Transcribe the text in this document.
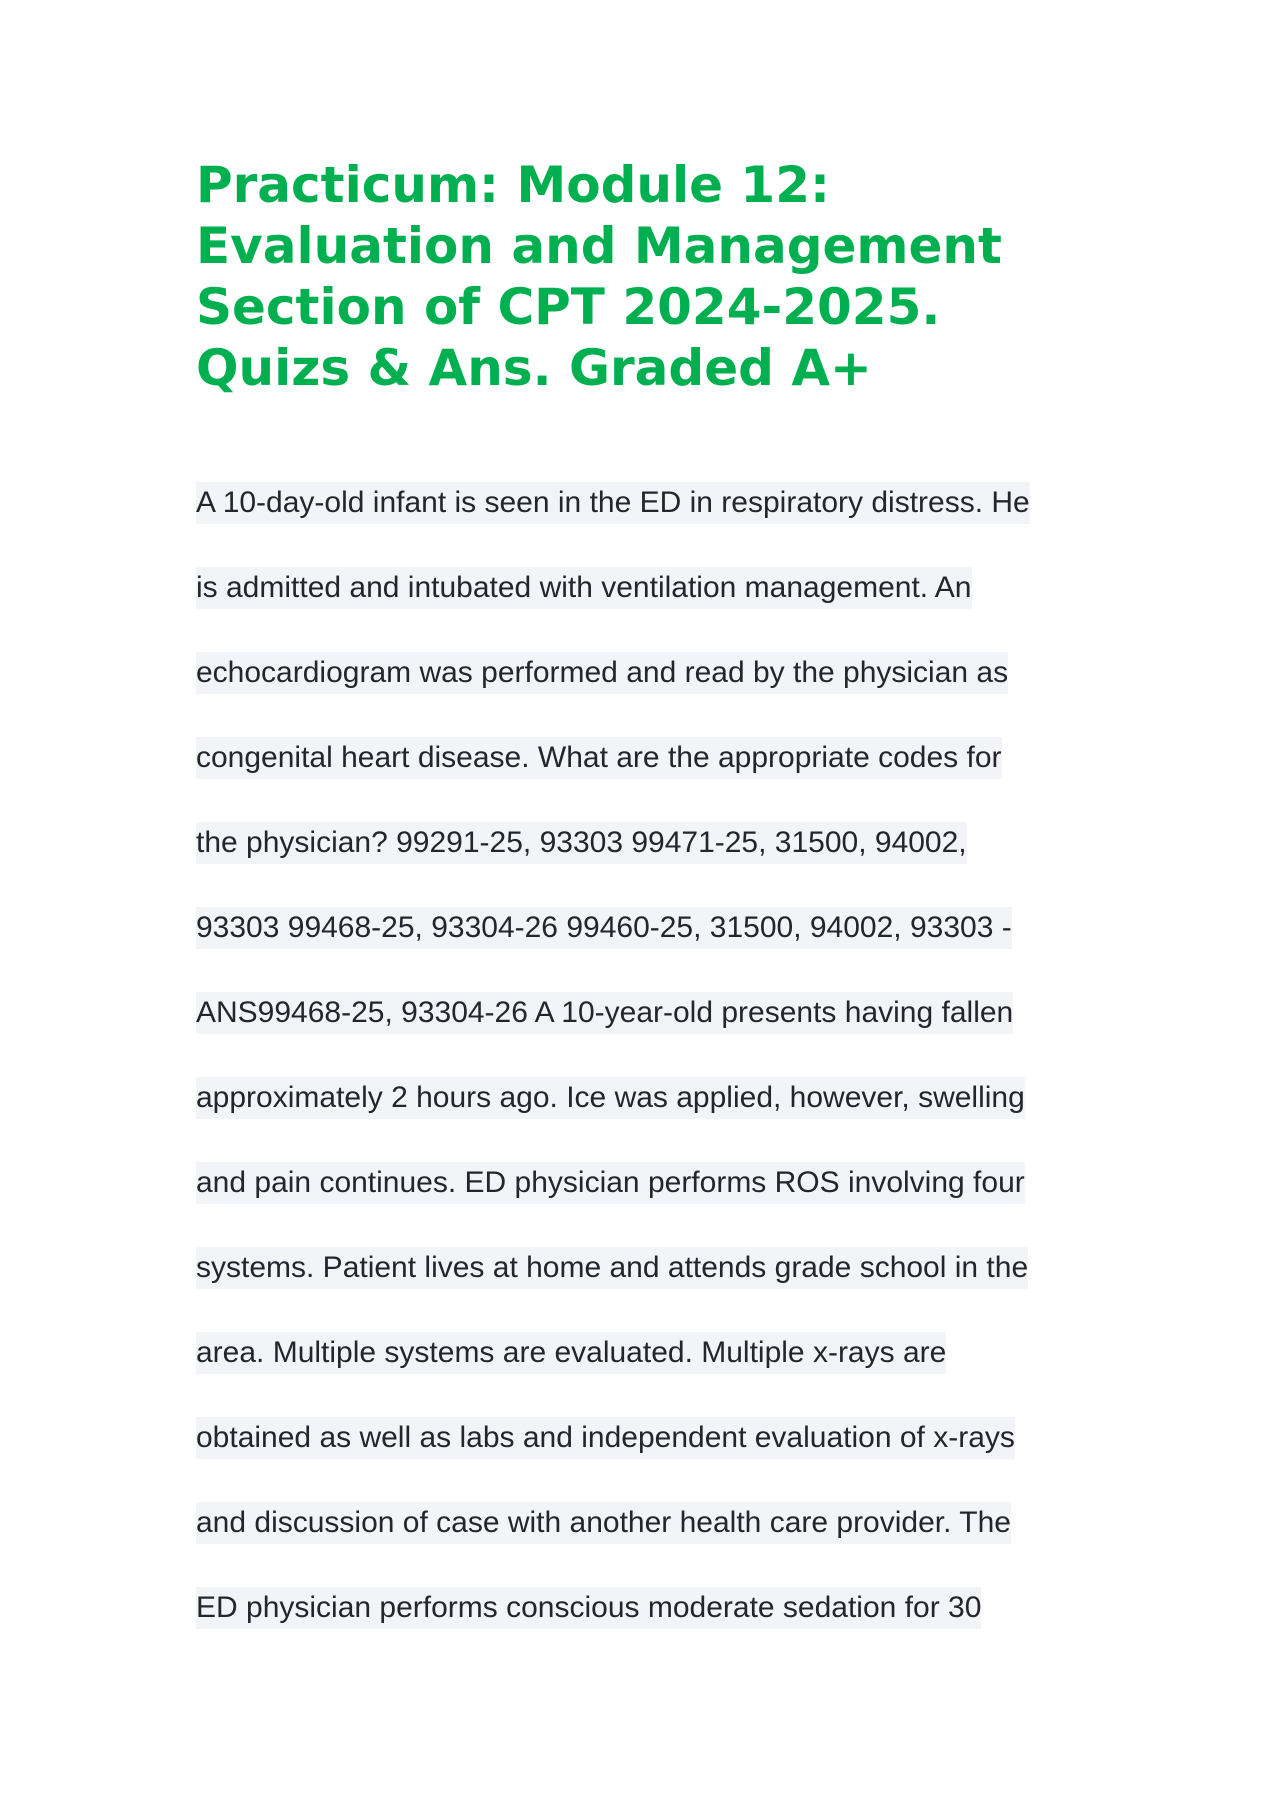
Practicum: Module 12:
Evaluation and Management
Section of CPT 2024-2025.
Quizs & Ans. Graded A+
A 10-day-old infant is seen in the ED in respiratory distress. He
is admitted and intubated with ventilation management. An
echocardiogram was performed and read by the physician as
congenital heart disease. What are the appropriate codes for
the physician? 99291-25, 93303 99471-25, 31500, 94002,
93303 99468-25, 93304-26 99460-25, 31500, 94002, 93303 -
ANS99468-25, 93304-26 A 10-year-old presents having fallen
approximately 2 hours ago. Ice was applied, however, swelling
and pain continues. ED physician performs ROS involving four
systems. Patient lives at home and attends grade school in the
area. Multiple systems are evaluated. Multiple x-rays are
obtained as well as labs and independent evaluation of x-rays
and discussion of case with another health care provider. The
ED physician performs conscious moderate sedation for 30
